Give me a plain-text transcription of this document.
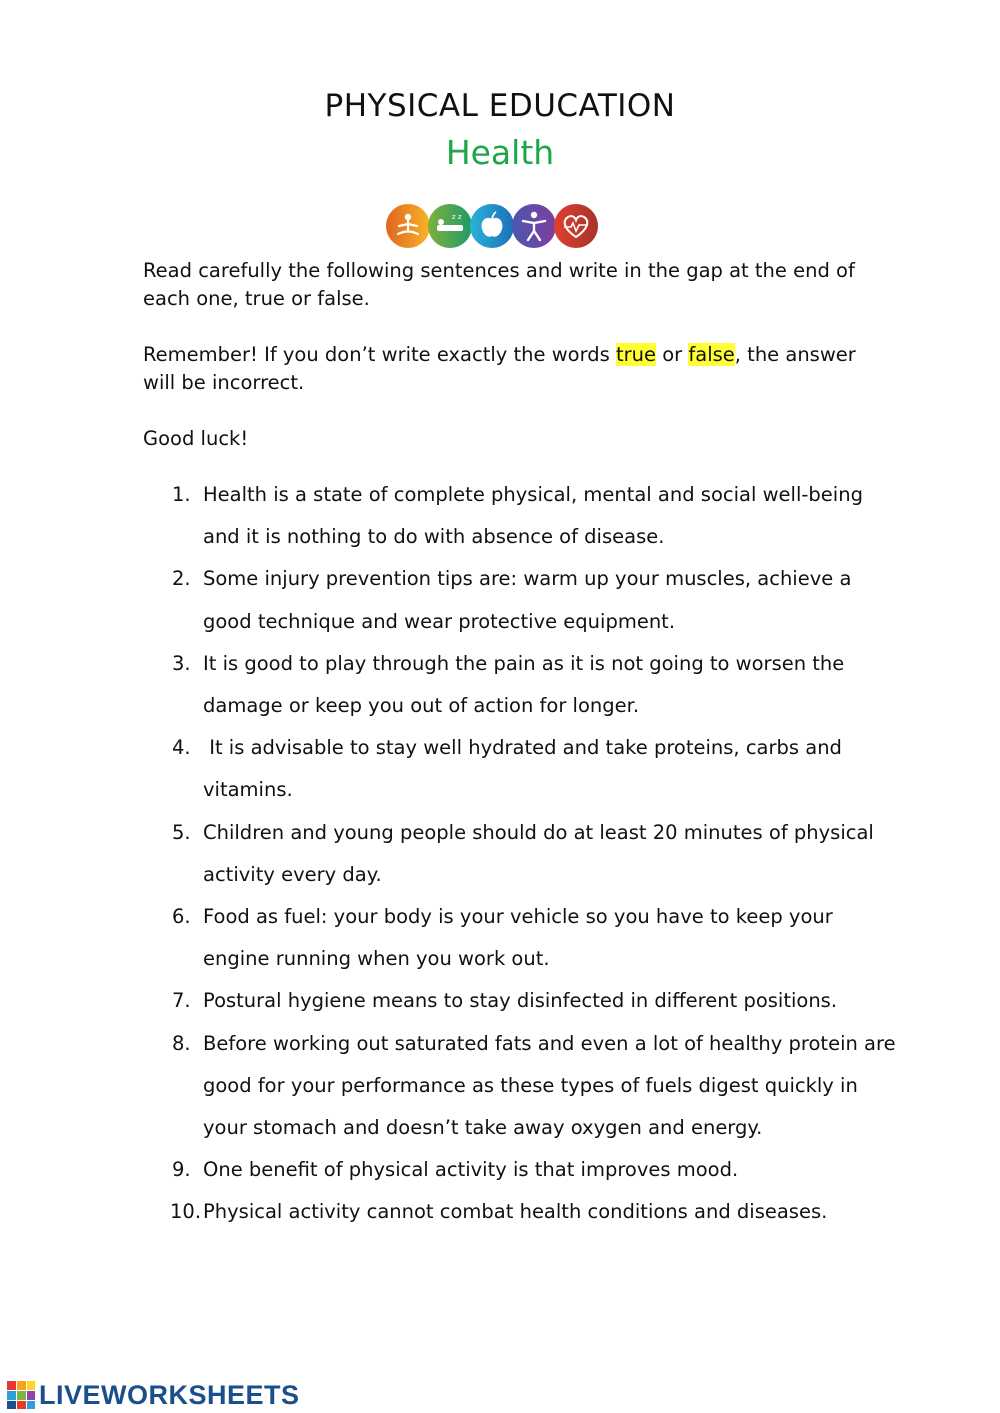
PHYSICAL EDUCATION
Health
z z
Read carefully the following sentences and write in the gap at the end of each one, true or false.
Remember! If you don’t write exactly the words true or false, the answer will be incorrect.
Good luck!
1. Health is a state of complete physical, mental and social well-being and it is nothing to do with absence of disease.
2. Some injury prevention tips are: warm up your muscles, achieve a good technique and wear protective equipment.
3. It is good to play through the pain as it is not going to worsen the damage or keep you out of action for longer.
4. It is advisable to stay well hydrated and take proteins, carbs and vitamins.
5. Children and young people should do at least 20 minutes of physical activity every day.
6. Food as fuel: your body is your vehicle so you have to keep your engine running when you work out.
7. Postural hygiene means to stay disinfected in different positions.
8. Before working out saturated fats and even a lot of healthy protein are good for your performance as these types of fuels digest quickly in your stomach and doesn’t take away oxygen and energy.
9. One benefit of physical activity is that improves mood.
10. Physical activity cannot combat health conditions and diseases.
LIVEWORKSHEETS
